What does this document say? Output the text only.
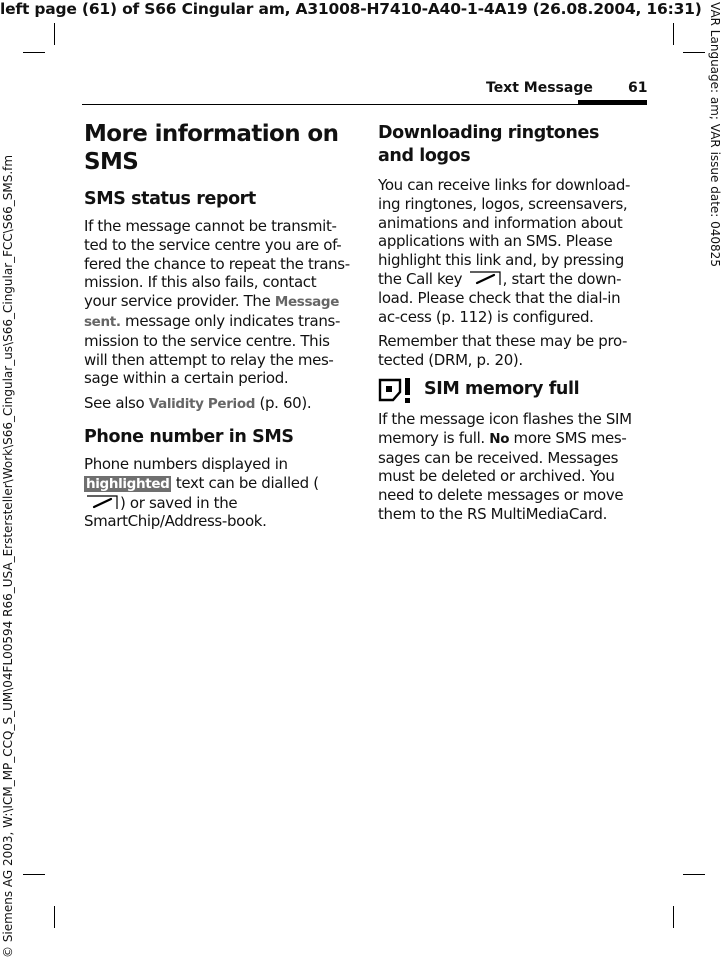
left page (61) of S66 Cingular am, A31008-H7410-A40-1-4A19 (26.08.2004, 16:31)
© Siemens AG 2003, W:\ICM_MP_CCQ_S_UM\04FL00594 R66_USA_Erstersteller\Work\S66_Cingular_us\S66_Cingular_FCC\S66_SMS.fm
VAR Language: am; VAR issue date: 040825
Text Message	61
More information on SMS
SMS status report

If the message cannot be transmit-ted to the service centre you are of-fered the chance to repeat the trans-mission. If this also fails, contact your service provider. The Message sent. message only indicates trans-mission to the service centre. This will then attempt to relay the mes-sage within a certain period.

See also Validity Period (p. 60).

Phone number in SMS

Phone numbers displayed in highlighted text can be dialled () or saved in the SmartChip/Address-book.

Downloading ringtones
and logos

You can receive links for download-ing ringtones, logos, screensavers, animations and information about applications with an SMS. Please highlight this link and, by pressing the Call key , start the down-load. Please check that the dial-in ac-cess (p. 112) is configured.

Remember that these may be pro-tected (DRM, p. 20).

SIM memory full

If the message icon flashes the SIM memory is full. No more SMS mes-sages can be received. Messages must be deleted or archived. You need to delete messages or move them to the RS MultiMediaCard.
